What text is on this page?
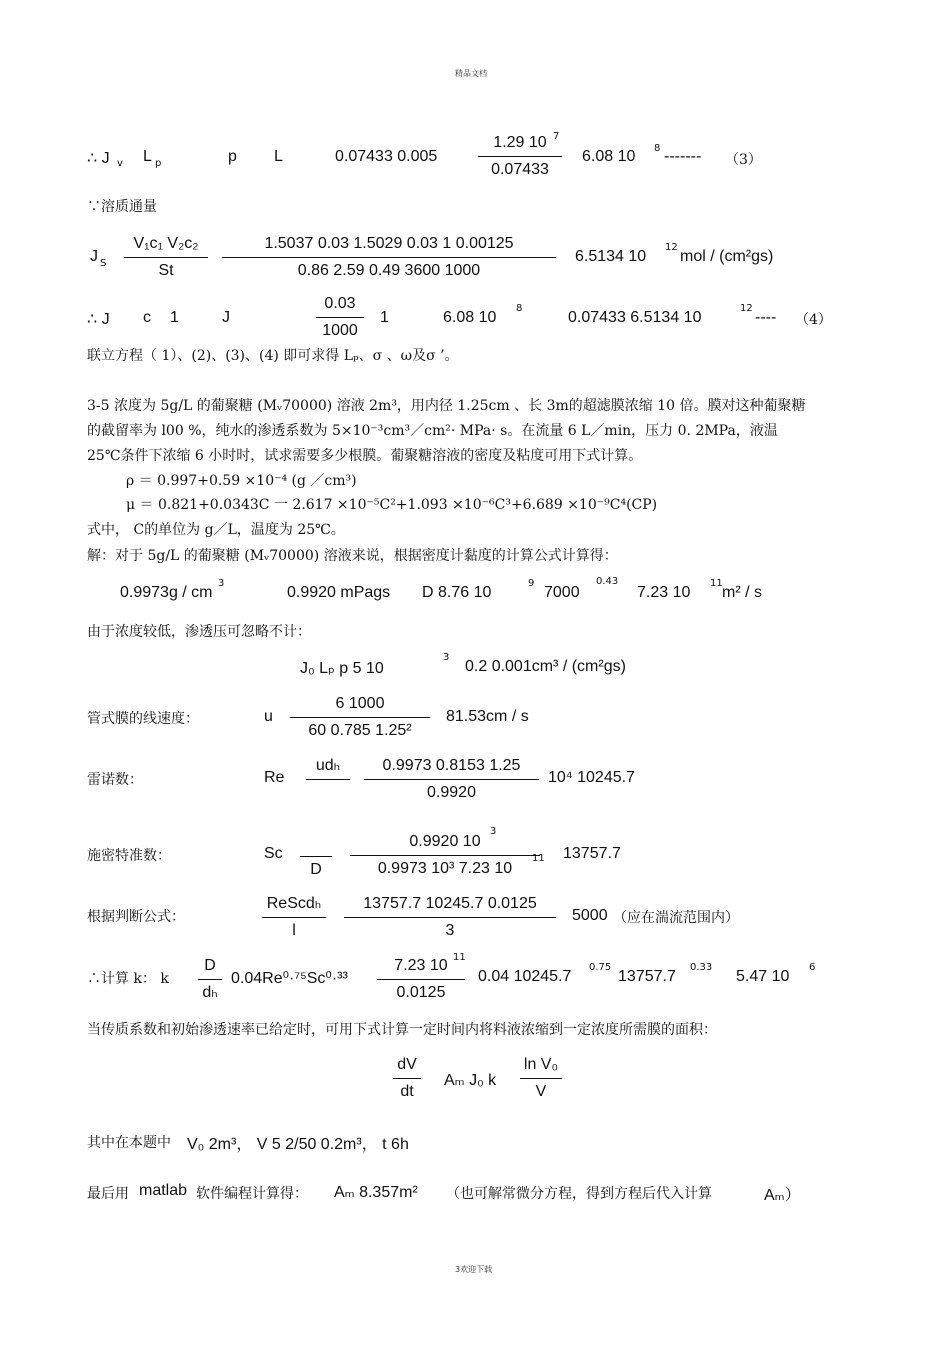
精品文档
∴ J v L p	p L	0.07433 0.005
1.29 10
0.07433
7
6.08 10 8 ------- （3）
∵溶质通量
J S
V₁c₁ V₂c₂
St
1.5037 0.03 1.5029 0.03 1 0.00125
0.86 2.59 0.49 3600 1000
6.5134 10
12
mol / (cm²gs)
∴ J c 1	J
0.03
1000
1	6.08 10
8
0.07433 6.5134 10
12
---- （4）
联立方程（ 1）、(2)、(3)、(4) 即可求得 Lₚ、σ 、ω及σ ’。
3-5 浓度为 5g/L 的葡聚糖 (Mᵥ70000) 溶液 2m³，用内径 1.25cm 、长 3m的超滤膜浓缩 10 倍。膜对这种葡聚糖
的截留率为 l00 %，纯水的渗透系数为 5×10⁻³cm³／cm²· MPa· s。在流量 6 L／min，压力 0. 2MPa，液温
25℃条件下浓缩 6 小时时，试求需要多少根膜。葡聚糖溶液的密度及粘度可用下式计算。
ρ ＝ 0.997+0.59 ×10⁻⁴ (g ／cm³)
μ ＝ 0.821+0.0343C 一 2.617 ×10⁻⁵C²+1.093 ×10⁻⁶C³+6.689 ×10⁻⁹C⁴(CP)
式中， C的单位为 g／L，温度为 25℃。
解：对于 5g/L 的葡聚糖 (Mᵥ70000) 溶液来说，根据密度计黏度的计算公式计算得：
0.9973g / cm
3
0.9920 mPags D 8.76 10
9
7000
0.43
7.23 10
11
m² / s
由于浓度较低，渗透压可忽略不计：
J₀ Lₚ p 5 10
3
0.2 0.001cm³ / (cm²gs)
管式膜的线速度：	u
6 1000
60 0.785 1.25²
81.53cm / s
雷诺数：	Re
udₕ	0.9973 0.8153 1.25
0.9920
10⁴ 10245.7
施密特准数：	Sc
D
0.9920 10
0.9973 10³ 7.23 10
3
11 13757.7
根据判断公式：
ReScdₕ
l
13757.7 10245.7 0.0125
3
5000 （应在湍流范围内）
∴计算 k： k
D
dₕ
0.04Re⁰·⁷⁵Sc⁰·³³
7.23 10
0.0125
11
0.04 10245.7
0.75
13757.7
0.33
5.47 10
6
当传质系数和初始渗透速率已给定时，可用下式计算一定时间内将料液浓缩到一定浓度所需膜的面积：
dV
dt
Aₘ J₀ k
ln V₀
V
其中在本题中 V₀ 2m³， V 5 2/50 0.2m³， t 6h
最后用 matlab 软件编程计算得： Aₘ 8.357m² （也可解常微分方程，得到方程后代入计算	Aₘ）
3欢迎下载
